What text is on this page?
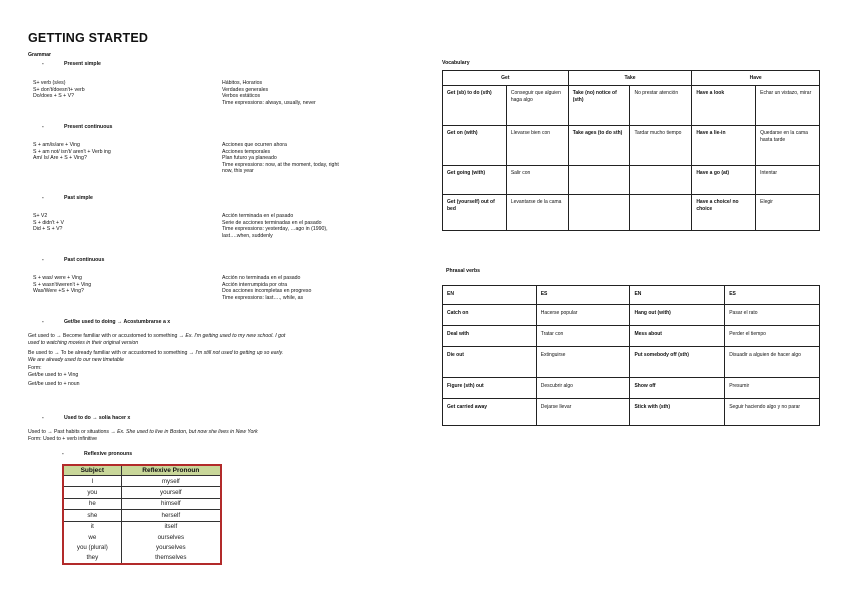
GETTING STARTED
Grammar
-	Present simple
S+ verb (s/es)
S+ don't/doesn't+ verb
Do/does + S + V?
Hábitos, Horarios
Verdades generales
Verbos estáticos
Time expressions: always, usually, never
-	Present continuous
S + am/is/are + Ving
S + am not/ isn't/ aren't + Verb ing
Am/ Is/ Are + S + Ving?
Acciones que ocurren ahora
Acciones temporales
Plan futuro ya planeado
Time expressions: now, at the moment, today, right
now, this year
-	Past simple
S+ V2
S + didn't + V
Did + S + V?
Acción terminada en el pasado
Serie de acciones terminadas en el pasado
Time expressions: yesterday, …ago in (1990),
last….when, suddenly
-	Past continuous
S + was/ were + Ving
S + wasn't/weren't + Ving
Was/Were +S + Ving?
Acción no terminada en el pasado
Acción interrumpida por otra
Dos acciones incompletas en progreso
Time expressions: last…., while, as
-	Get/be used to doing → Acostumbrarse a x
Get used to → Become familiar with or accustomed to something → Ex. I'm getting used to my new school. I got
used to watching movies in their original version
Be used to → To be already familiar with or accustomed to something → I'm still not used to getting up so early.
We are already used to our new timetable
Form:
Get/be used to + Ving
Get/be used to + noun
-	Used to do → solía hacer x
Used to → Past habits or situations → Ex. She used to live in Boston, but now she lives in New York
Form: Used to + verb infinitive
-	Reflexive pronouns
Subject	Reflexive Pronoun
I	myself
you	yourself
he	himself
she	herself
it	itself
we	ourselves
you (plural)	yourselves
they	themselves
Vocabulary
Get		Take		Have	
Get (sb) to do (sth)	Conseguir que alguien haga algo	Take (no) notice of (sth)	No prestar atención	Have a look	Echar un vistazo, mirar
Get on (with)	Llevarse bien con	Take ages (to do sth)	Tardar mucho tiempo	Have a lie-in	Quedarse en la cama hasta tarde
Get going (with)	Salir con			Have a go (at)	Intentar
Get (yourself) out of bed	Levantarse de la cama			Have a choice/ no choice	Elegir
Phrasal verbs
EN	ES	EN	ES
Catch on	Hacerse popular	Hang out (with)	Pasar el rato
Deal with	Tratar con	Mess about	Perder el tiempo
Die out	Extinguirse	Put somebody off (sth)	Disuadir a alguien de hacer algo
Figure (sth) out	Descubrir algo	Show off	Presumir
Get carried away	Dejarse llevar	Stick with (sth)	Seguir haciendo algo y no parar
